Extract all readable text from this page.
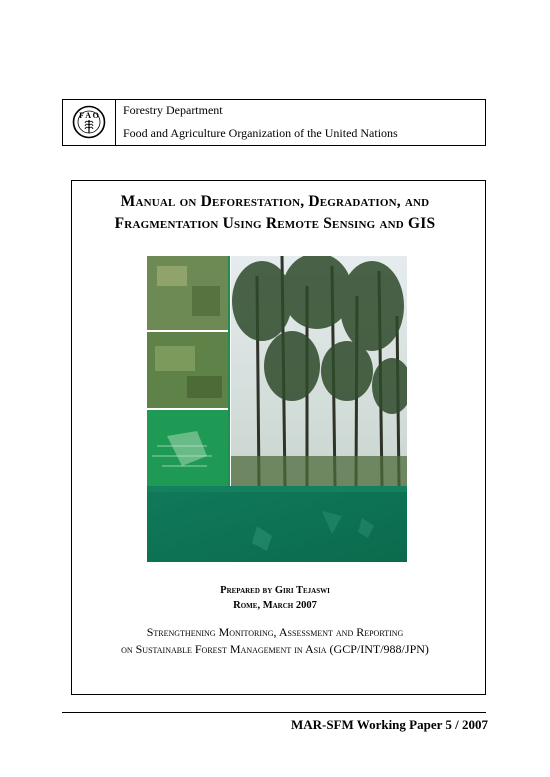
F A O Forestry Department
Food and Agriculture Organization of the United Nations
Manual on Deforestation, Degradation, and
Fragmentation Using Remote Sensing and GIS
Prepared by Giri Tejaswi
Rome, March 2007
Strengthening Monitoring, Assessment and Reporting
on Sustainable Forest Management in Asia (GCP/INT/988/JPN)
MAR-SFM Working Paper 5 / 2007
